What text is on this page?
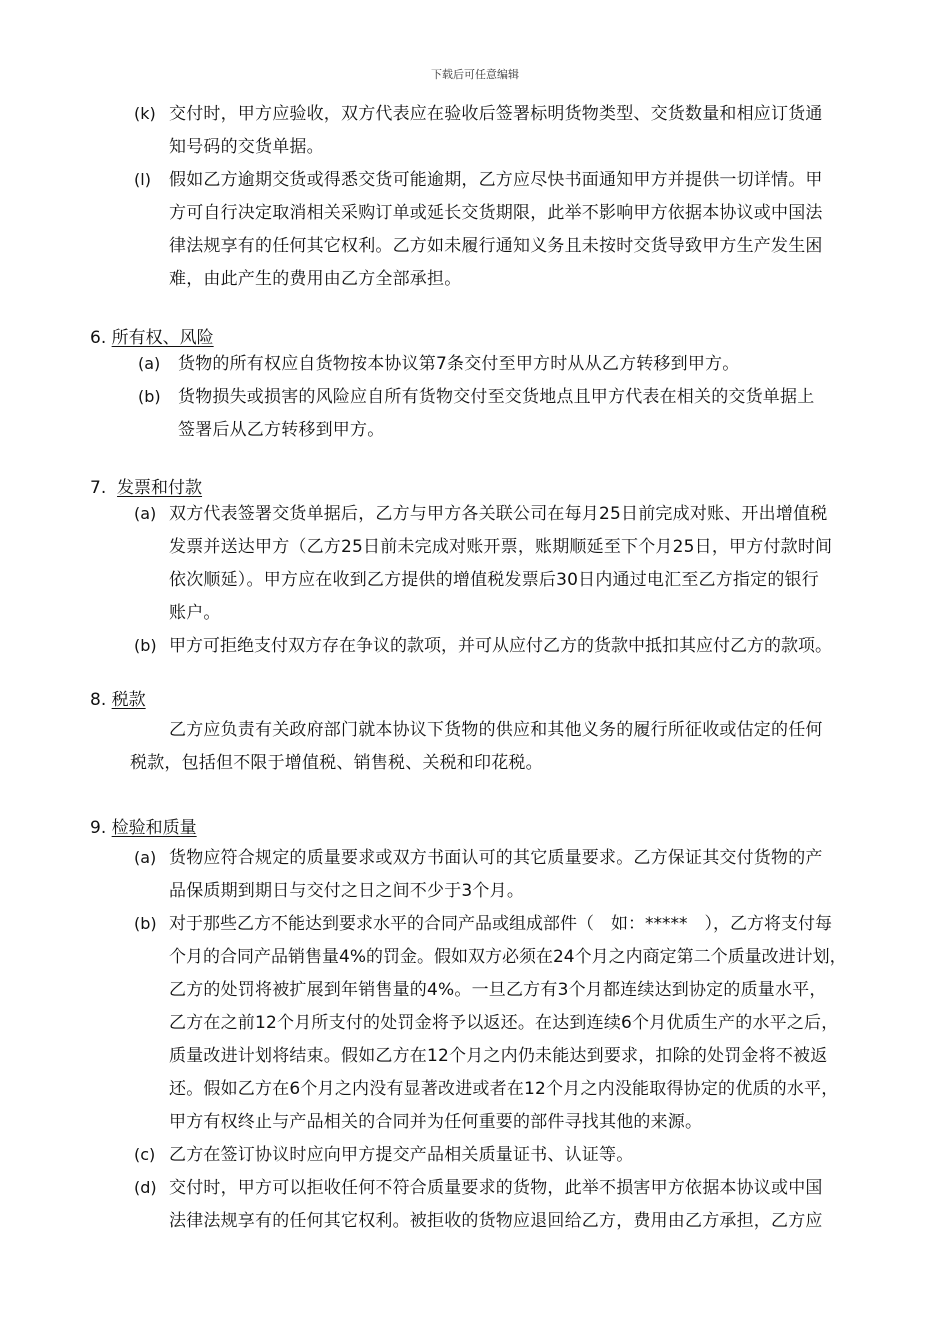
下载后可任意编辑
(k) 交付时，甲方应验收，双方代表应在验收后签署标明货物类型、交货数量和相应订货通
知号码的交货单据。
(l) 假如乙方逾期交货或得悉交货可能逾期，乙方应尽快书面通知甲方并提供一切详情。甲
方可自行决定取消相关采购订单或延长交货期限，此举不影响甲方依据本协议或中国法
律法规享有的任何其它权利。乙方如未履行通知义务且未按时交货导致甲方生产发生困
难，由此产生的费用由乙方全部承担。
6. 所有权、风险
(a) 货物的所有权应自货物按本协议第7条交付至甲方时从从乙方转移到甲方。
(b) 货物损失或损害的风险应自所有货物交付至交货地点且甲方代表在相关的交货单据上
签署后从乙方转移到甲方。
7. 发票和付款
(a) 双方代表签署交货单据后，乙方与甲方各关联公司在每月25日前完成对账、开出增值税
发票并送达甲方（乙方25日前未完成对账开票，账期顺延至下个月25日，甲方付款时间
依次顺延）。甲方应在收到乙方提供的增值税发票后30日内通过电汇至乙方指定的银行
账户。
(b) 甲方可拒绝支付双方存在争议的款项，并可从应付乙方的货款中抵扣其应付乙方的款项。
8. 税款
乙方应负责有关政府部门就本协议下货物的供应和其他义务的履行所征收或估定的任何
税款，包括但不限于增值税、销售税、关税和印花税。
9. 检验和质量
(a) 货物应符合规定的质量要求或双方书面认可的其它质量要求。乙方保证其交付货物的产
品保质期到期日与交付之日之间不少于3个月。
(b) 对于那些乙方不能达到要求水平的合同产品或组成部件（　如：*****　），乙方将支付每
个月的合同产品销售量4%的罚金。假如双方必须在24个月之内商定第二个质量改进计划，
乙方的处罚将被扩展到年销售量的4%。一旦乙方有3个月都连续达到协定的质量水平，
乙方在之前12个月所支付的处罚金将予以返还。在达到连续6个月优质生产的水平之后，
质量改进计划将结束。假如乙方在12个月之内仍未能达到要求，扣除的处罚金将不被返
还。假如乙方在6个月之内没有显著改进或者在12个月之内没能取得协定的优质的水平，
甲方有权终止与产品相关的合同并为任何重要的部件寻找其他的来源。
(c) 乙方在签订协议时应向甲方提交产品相关质量证书、认证等。
(d) 交付时，甲方可以拒收任何不符合质量要求的货物，此举不损害甲方依据本协议或中国
法律法规享有的任何其它权利。被拒收的货物应退回给乙方，费用由乙方承担，乙方应
